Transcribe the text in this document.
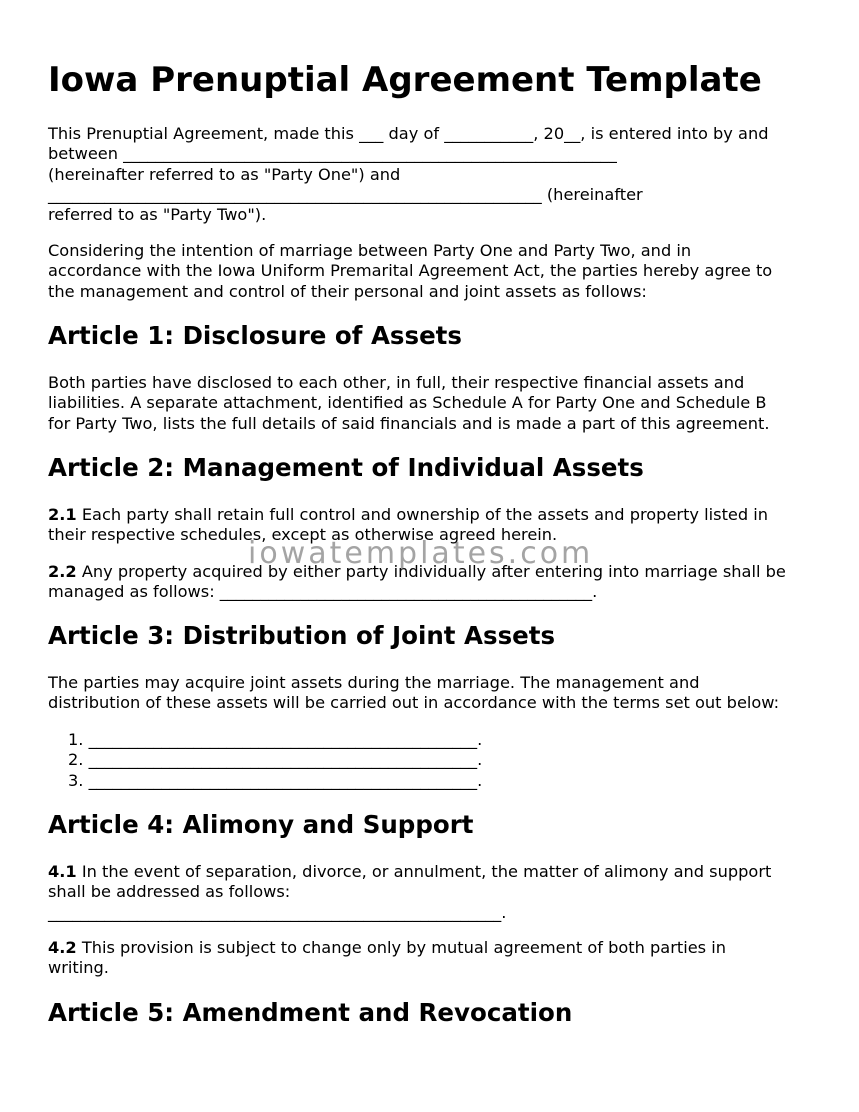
Iowa Prenuptial Agreement Template
This Prenuptial Agreement, made this ___ day of ___________, 20__, is entered into by and
between _____________________________________________________________
(hereinafter referred to as "Party One") and
_____________________________________________________________ (hereinafter
referred to as "Party Two").
Considering the intention of marriage between Party One and Party Two, and in
accordance with the Iowa Uniform Premarital Agreement Act, the parties hereby agree to
the management and control of their personal and joint assets as follows:
Article 1: Disclosure of Assets
Both parties have disclosed to each other, in full, their respective financial assets and
liabilities. A separate attachment, identified as Schedule A for Party One and Schedule B
for Party Two, lists the full details of said financials and is made a part of this agreement.
Article 2: Management of Individual Assets
2.1 Each party shall retain full control and ownership of the assets and property listed in
their respective schedules, except as otherwise agreed herein.
2.2 Any property acquired by either party individually after entering into marriage shall be
managed as follows: ______________________________________________.
Article 3: Distribution of Joint Assets
The parties may acquire joint assets during the marriage. The management and
distribution of these assets will be carried out in accordance with the terms set out below:
1. ________________________________________________.
2. ________________________________________________.
3. ________________________________________________.
Article 4: Alimony and Support
4.1 In the event of separation, divorce, or annulment, the matter of alimony and support
shall be addressed as follows:
________________________________________________________.
4.2 This provision is subject to change only by mutual agreement of both parties in
writing.
Article 5: Amendment and Revocation
iowatemplates.com
